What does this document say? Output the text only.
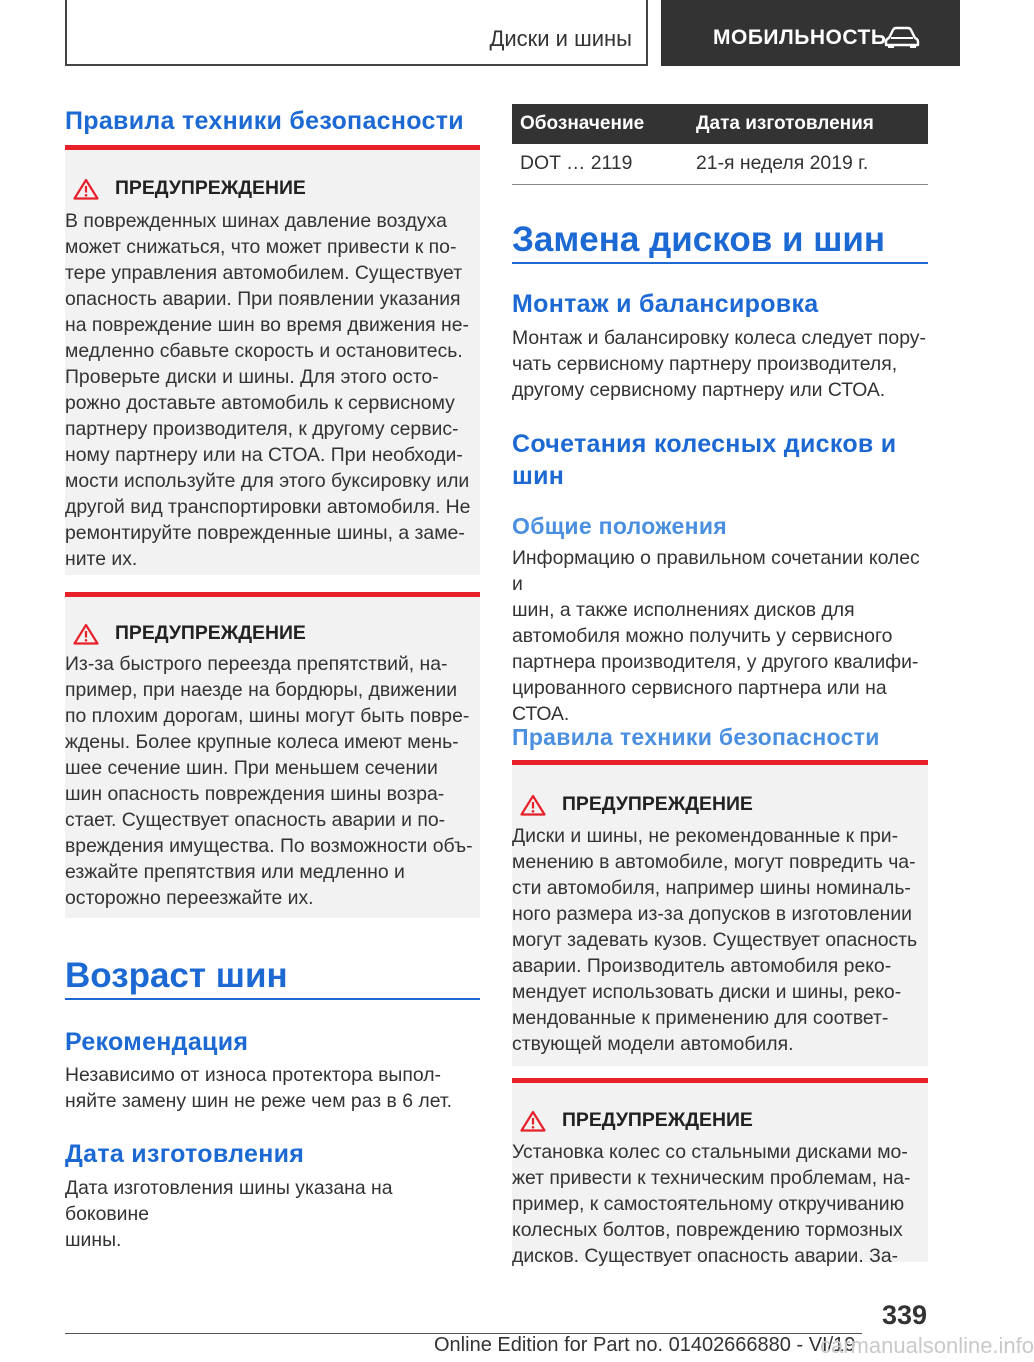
Диски и шины	МОБИЛЬНОСТЬ
Правила техники безопасности
ПРЕДУПРЕЖДЕНИЕ
В поврежденных шинах давление воздуха
может снижаться, что может привести к по-
тере управления автомобилем. Существует
опасность аварии. При появлении указания
на повреждение шин во время движения не-
медленно сбавьте скорость и остановитесь.
Проверьте диски и шины. Для этого осто-
рожно доставьте автомобиль к сервисному
партнеру производителя, к другому сервис-
ному партнеру или на СТОА. При необходи-
мости используйте для этого буксировку или
другой вид транспортировки автомобиля. Не
ремонтируйте поврежденные шины, а заме-
ните их.
ПРЕДУПРЕЖДЕНИЕ
Из-за быстрого переезда препятствий, на-
пример, при наезде на бордюры, движении
по плохим дорогам, шины могут быть повре-
ждены. Более крупные колеса имеют мень-
шее сечение шин. При меньшем сечении
шин опасность повреждения шины возра-
стает. Существует опасность аварии и по-
вреждения имущества. По возможности объ-
езжайте препятствия или медленно и
осторожно переезжайте их.
Возраст шин
Рекомендация
Независимо от износа протектора выпол-
няйте замену шин не реже чем раз в 6 лет.
Дата изготовления
Дата изготовления шины указана на боковине
шины.
Обозначение	Дата изготовления
DOT … 2119	21-я неделя 2019 г.
Замена дисков и шин
Монтаж и балансировка
Монтаж и балансировку колеса следует пору-
чать сервисному партнеру производителя,
другому сервисному партнеру или СТОА.
Сочетания колесных дисков и
шин
Общие положения
Информацию о правильном сочетании колес и
шин, а также исполнениях дисков для
автомобиля можно получить у сервисного
партнера производителя, у другого квалифи-
цированного сервисного партнера или на
СТОА.
Правила техники безопасности
ПРЕДУПРЕЖДЕНИЕ
Диски и шины, не рекомендованные к при-
менению в автомобиле, могут повредить ча-
сти автомобиля, например шины номиналь-
ного размера из-за допусков в изготовлении
могут задевать кузов. Существует опасность
аварии. Производитель автомобиля реко-
мендует использовать диски и шины, реко-
мендованные к применению для соответ-
ствующей модели автомобиля.
ПРЕДУПРЕЖДЕНИЕ
Установка колес со стальными дисками мо-
жет привести к техническим проблемам, на-
пример, к самостоятельному откручиванию
колесных болтов, повреждению тормозных
дисков. Существует опасность аварии. За-
339
Online Edition for Part no. 01402666880 - VI/19
carmanualsonline.info
